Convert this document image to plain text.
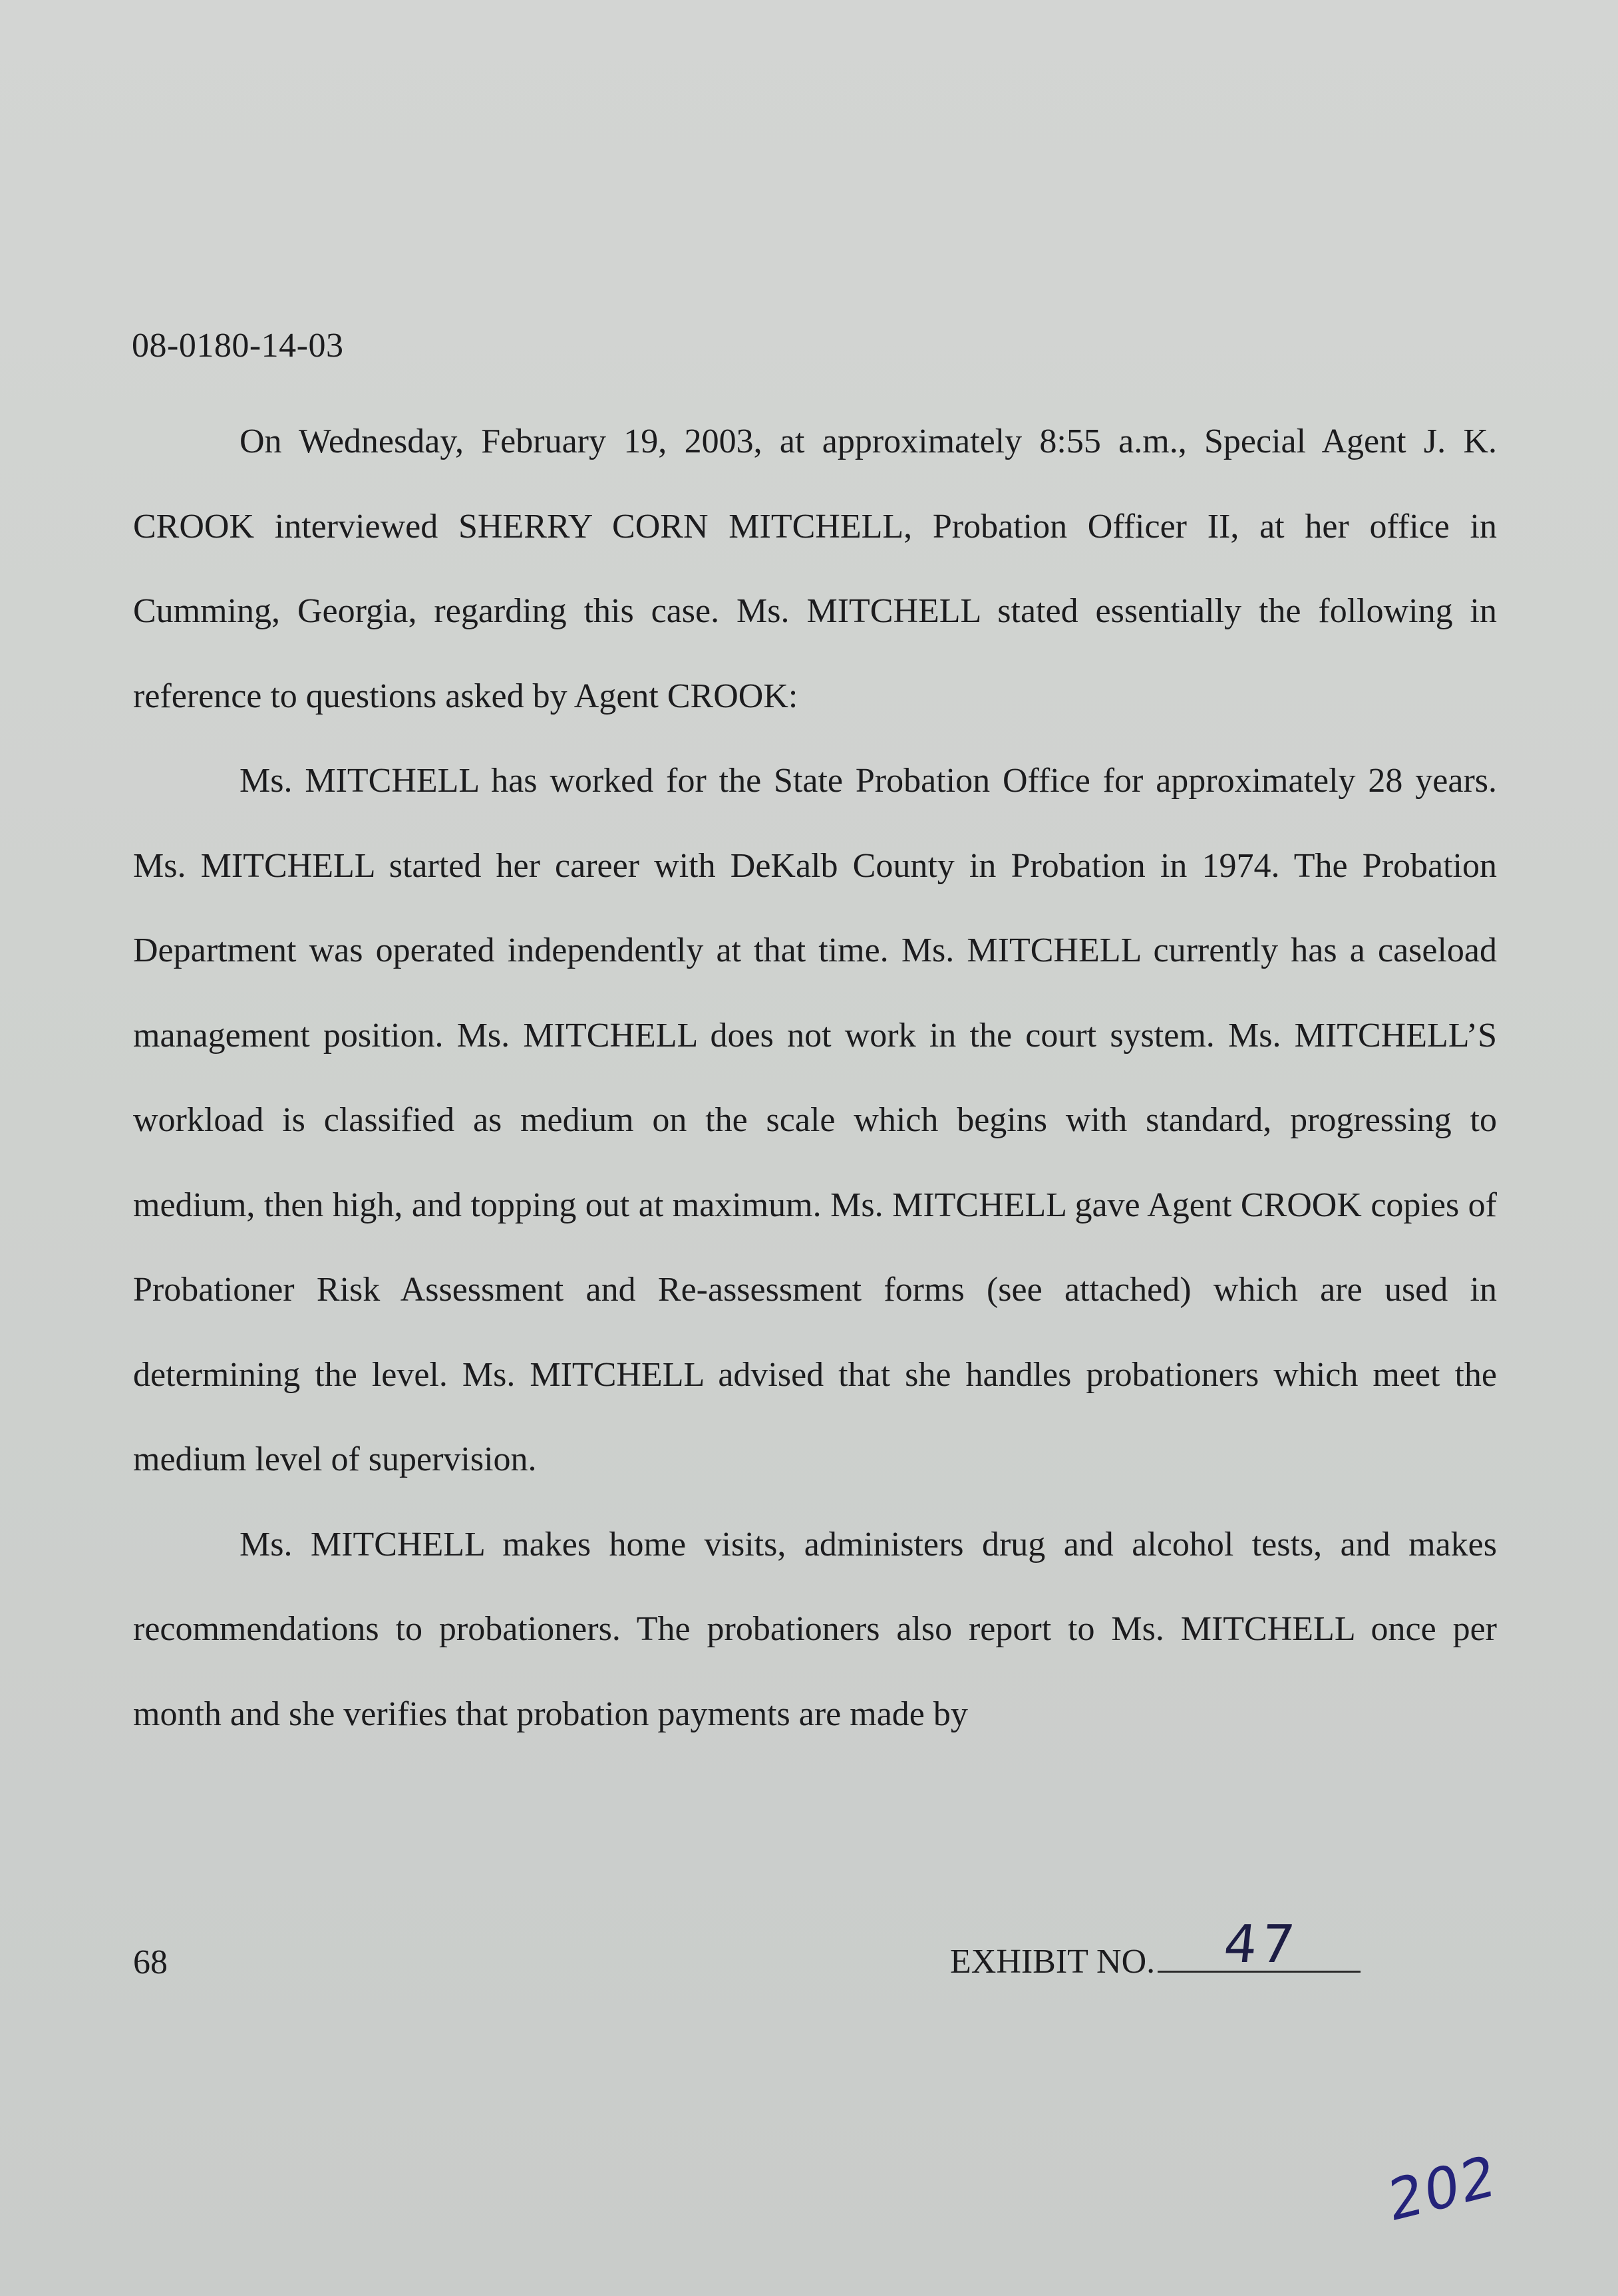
08-0180-14-03

On Wednesday, February 19, 2003, at approximately 8:55 a.m., Special Agent J. K. CROOK interviewed SHERRY CORN MITCHELL, Probation Officer II, at her office in Cumming, Georgia, regarding this case. Ms. MITCHELL stated essentially the following in reference to questions asked by Agent CROOK:

Ms. MITCHELL has worked for the State Probation Office for approximately 28 years. Ms. MITCHELL started her career with DeKalb County in Probation in 1974. The Probation Department was operated independently at that time. Ms. MITCHELL currently has a caseload management position. Ms. MITCHELL does not work in the court system. Ms. MITCHELL’S workload is classified as medium on the scale which begins with standard, progressing to medium, then high, and topping out at maximum. Ms. MITCHELL gave Agent CROOK copies of Probationer Risk Assessment and Re-assessment forms (see attached) which are used in determining the level. Ms. MITCHELL advised that she handles probationers which meet the medium level of supervision.

Ms. MITCHELL makes home visits, administers drug and alcohol tests, and makes recommendations to probationers. The probationers also report to Ms. MITCHELL once per month and she verifies that probation payments are made by

68	EXHIBIT NO. 47
202
